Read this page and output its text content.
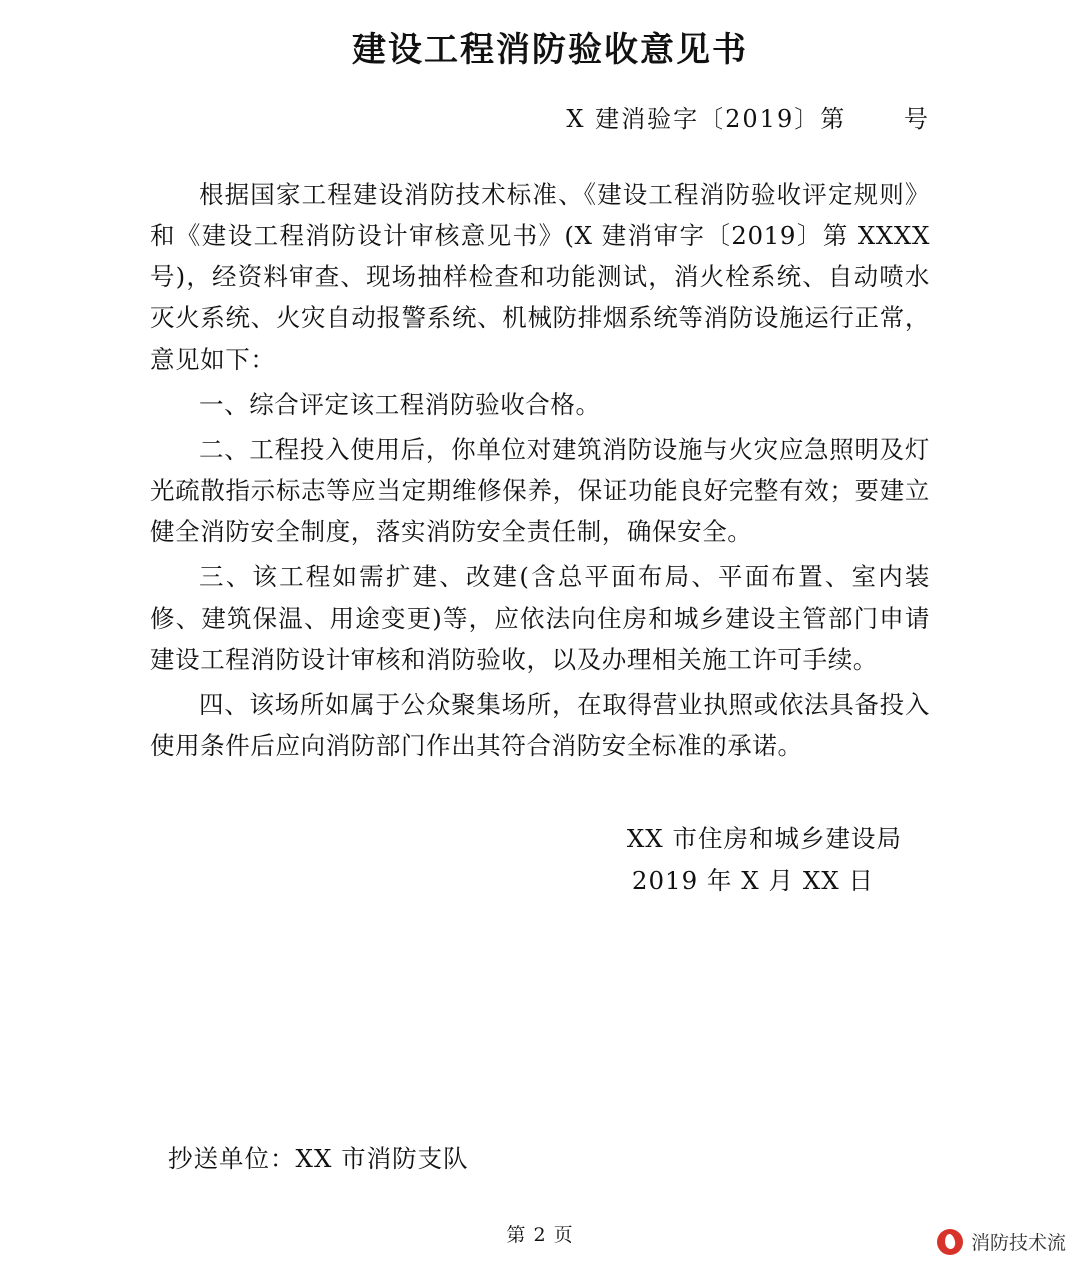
建设工程消防验收意见书
X 建消验字〔2019〕第      号

根据国家工程建设消防技术标准、《建设工程消防验收评定规则》和《建设工程消防设计审核意见书》(X 建消审字〔2019〕第 XXXX 号)，经资料审查、现场抽样检查和功能测试，消火栓系统、自动喷水灭火系统、火灾自动报警系统、机械防排烟系统等消防设施运行正常，意见如下：

一、综合评定该工程消防验收合格。

二、工程投入使用后，你单位对建筑消防设施与火灾应急照明及灯光疏散指示标志等应当定期维修保养，保证功能良好完整有效；要建立健全消防安全制度，落实消防安全责任制，确保安全。

三、该工程如需扩建、改建(含总平面布局、平面布置、室内装修、建筑保温、用途变更)等，应依法向住房和城乡建设主管部门申请建设工程消防设计审核和消防验收，以及办理相关施工许可手续。

四、该场所如属于公众聚集场所，在取得营业执照或依法具备投入使用条件后应向消防部门作出其符合消防安全标准的承诺。

XX 市住房和城乡建设局
2019 年 X 月 XX 日
抄送单位：XX 市消防支队
第 2 页	消防技术流
